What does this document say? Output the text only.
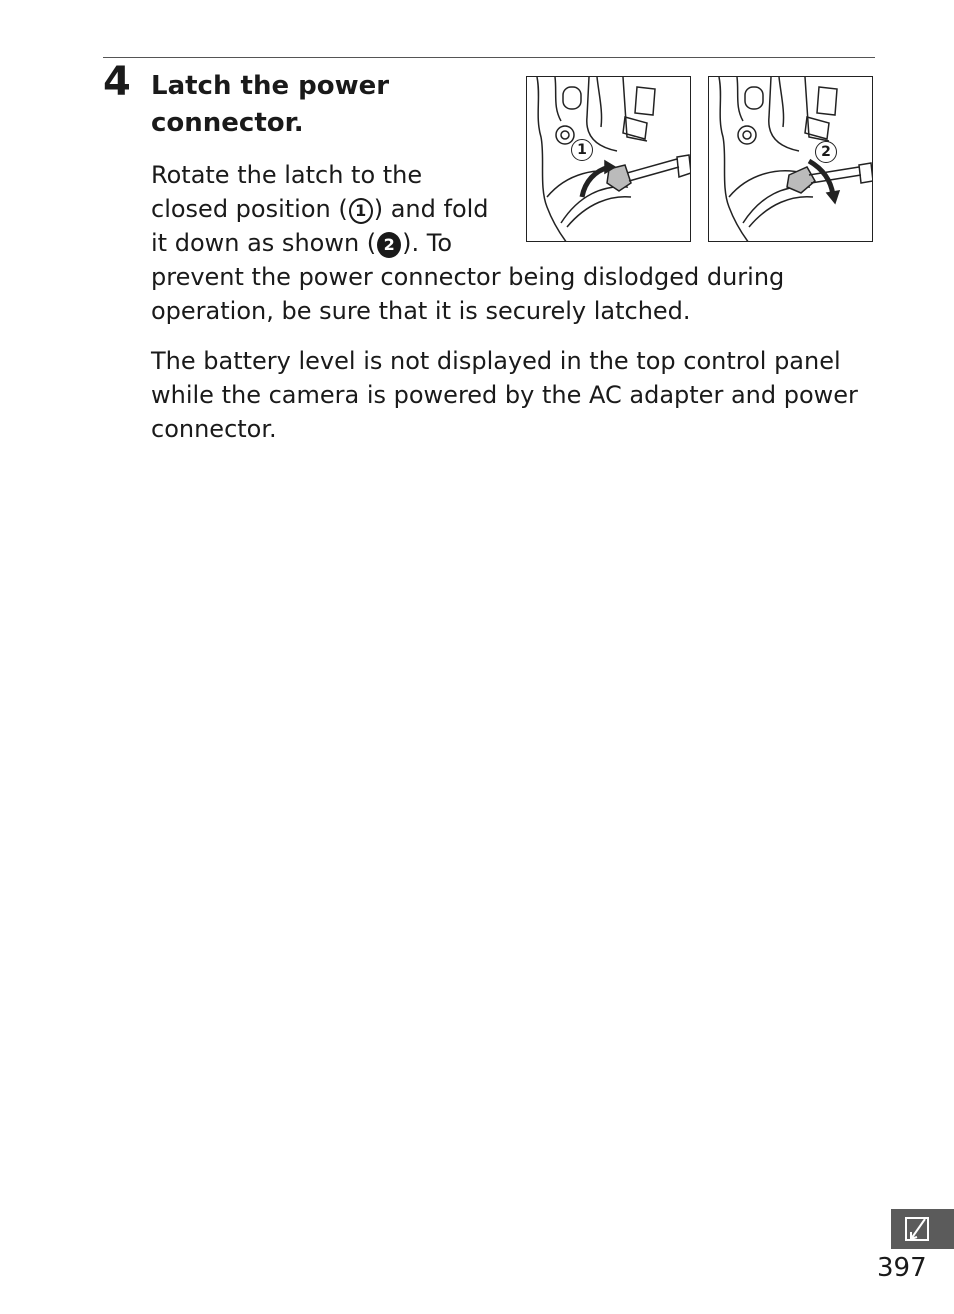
4 Latch the power connector.

Rotate the latch to the closed position ( 1 ) and fold it down as shown ( 2 ). To prevent the power connector being dislodged during operation, be sure that it is securely latched.

The battery level is not displayed in the top control panel while the camera is powered by the AC adapter and power connector.

1	2
397
